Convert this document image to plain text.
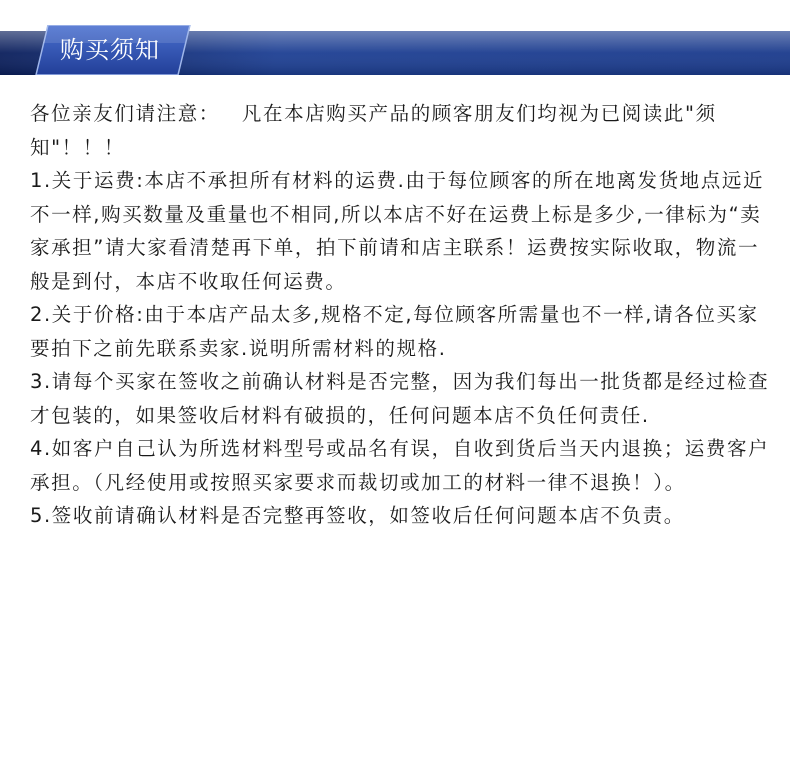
购买须知

各位亲友们请注意： 凡在本店购买产品的顾客朋友们均视为已阅读此"须知"！！！

1.关于运费:本店不承担所有材料的运费.由于每位顾客的所在地离发货地点远近不一样,购买数量及重量也不相同,所以本店不好在运费上标是多少,一律标为“卖家承担”请大家看清楚再下单，拍下前请和店主联系！运费按实际收取，物流一般是到付，本店不收取任何运费。

2.关于价格:由于本店产品太多,规格不定,每位顾客所需量也不一样,请各位买家要拍下之前先联系卖家.说明所需材料的规格.

3.请每个买家在签收之前确认材料是否完整，因为我们每出一批货都是经过检查才包装的，如果签收后材料有破损的，任何问题本店不负任何责任.

4.如客户自己认为所选材料型号或品名有误，自收到货后当天内退换；运费客户承担。（凡经使用或按照买家要求而裁切或加工的材料一律不退换！）。

5.签收前请确认材料是否完整再签收，如签收后任何问题本店不负责。
